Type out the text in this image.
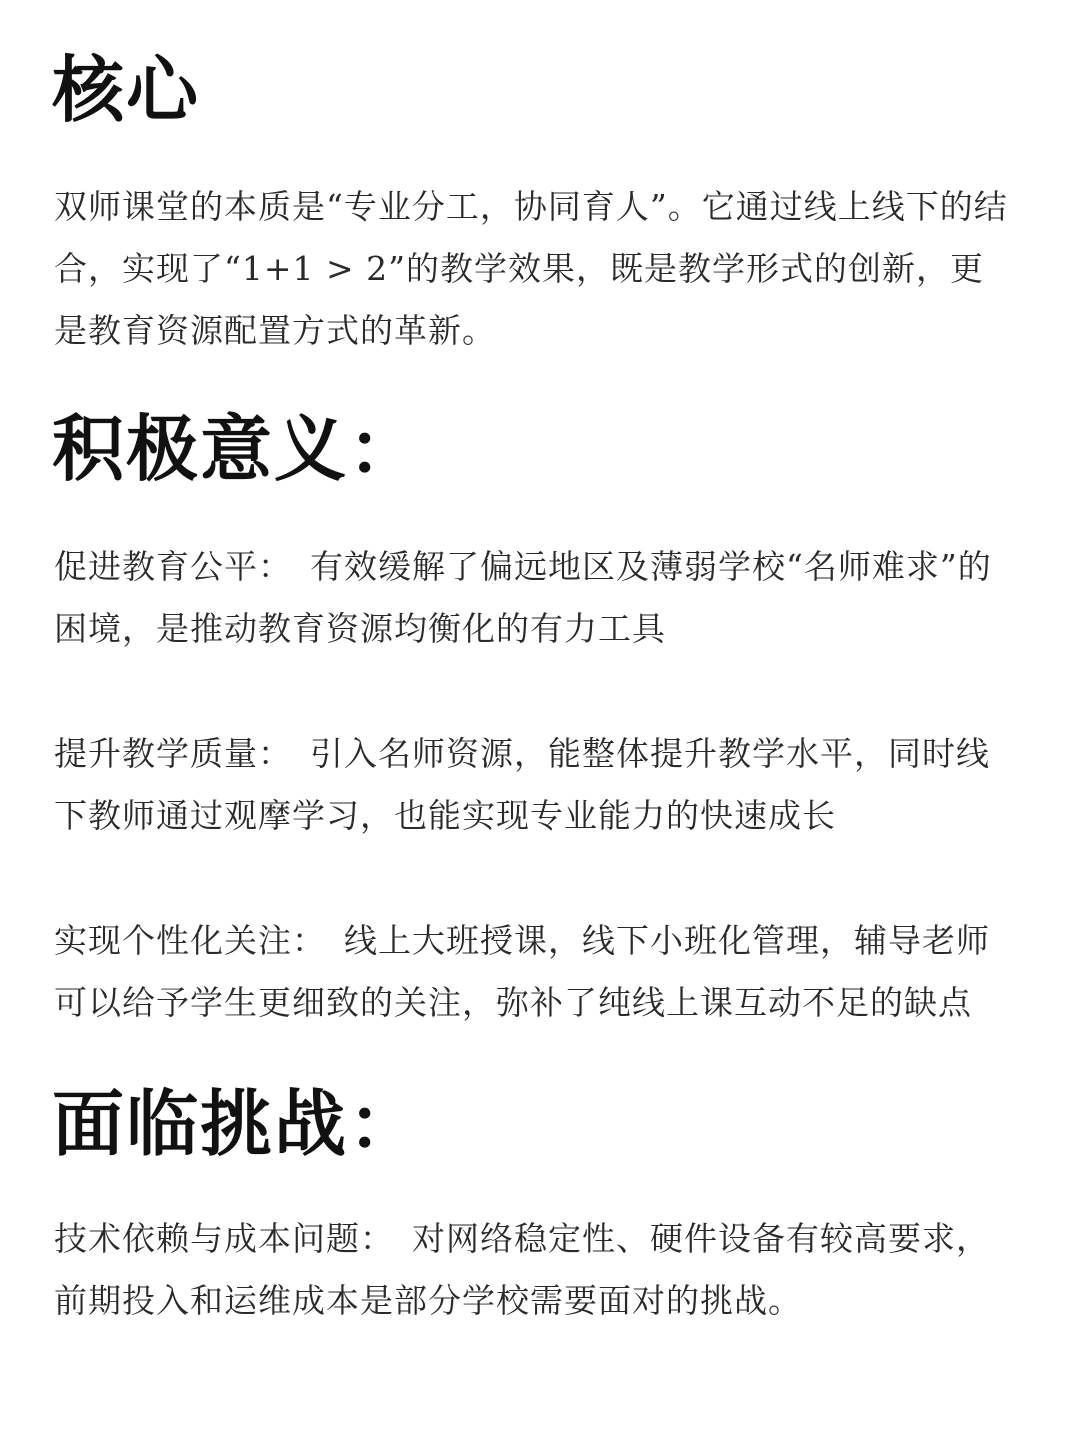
核心

双师课堂的本质是“专业分工，协同育人”。它通过线上线下的结合，实现了“1+1 > 2”的教学效果，既是教学形式的创新，更是教育资源配置方式的革新。

积极意义：

促进教育公平： 有效缓解了偏远地区及薄弱学校“名师难求”的困境，是推动教育资源均衡化的有力工具

提升教学质量： 引入名师资源，能整体提升教学水平，同时线下教师通过观摩学习，也能实现专业能力的快速成长

实现个性化关注： 线上大班授课，线下小班化管理，辅导老师可以给予学生更细致的关注，弥补了纯线上课互动不足的缺点

面临挑战：

技术依赖与成本问题： 对网络稳定性、硬件设备有较高要求，前期投入和运维成本是部分学校需要面对的挑战。
